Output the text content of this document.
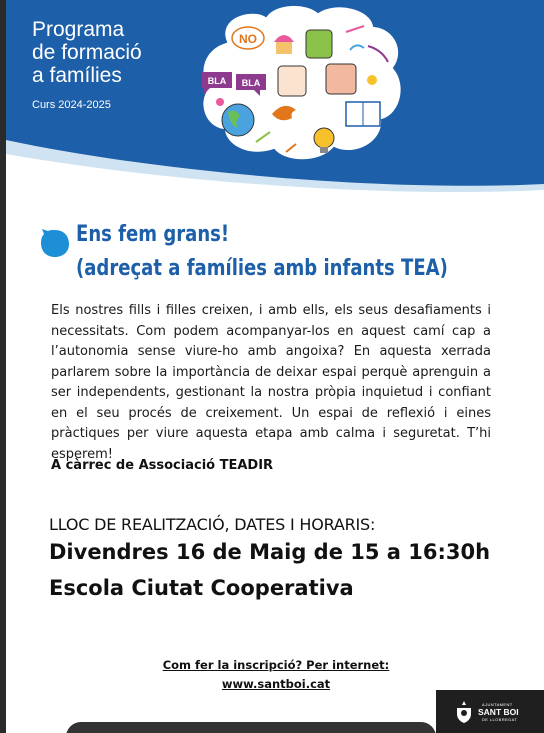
Programa
de formació
a famílies
Curs 2024-2025
NO
BLA BLA
Ens fem grans!
(adreçat a famílies amb infants TEA)
Els nostres fills i filles creixen, i amb ells, els seus desafiaments i necessitats. Com podem acompanyar-los en aquest camí cap a l’autonomia sense viure-ho amb angoixa? En aquesta xerrada parlarem sobre la importància de deixar espai perquè aprenguin a ser independents, gestionant la nostra pròpia inquietud i confiant en el seu procés de creixement. Un espai de reflexió i eines pràctiques per viure aquesta etapa amb calma i seguretat. T’hi esperem!
A càrrec de Associació TEADIR
LLOC DE REALITZACIÓ, DATES I HORARIS:
Divendres 16 de Maig de 15 a 16:30h
Escola Ciutat Cooperativa
Com fer la inscripció? Per internet:
www.santboi.cat
AJUNTAMENT
SANT BOI
DE LLOBREGAT
